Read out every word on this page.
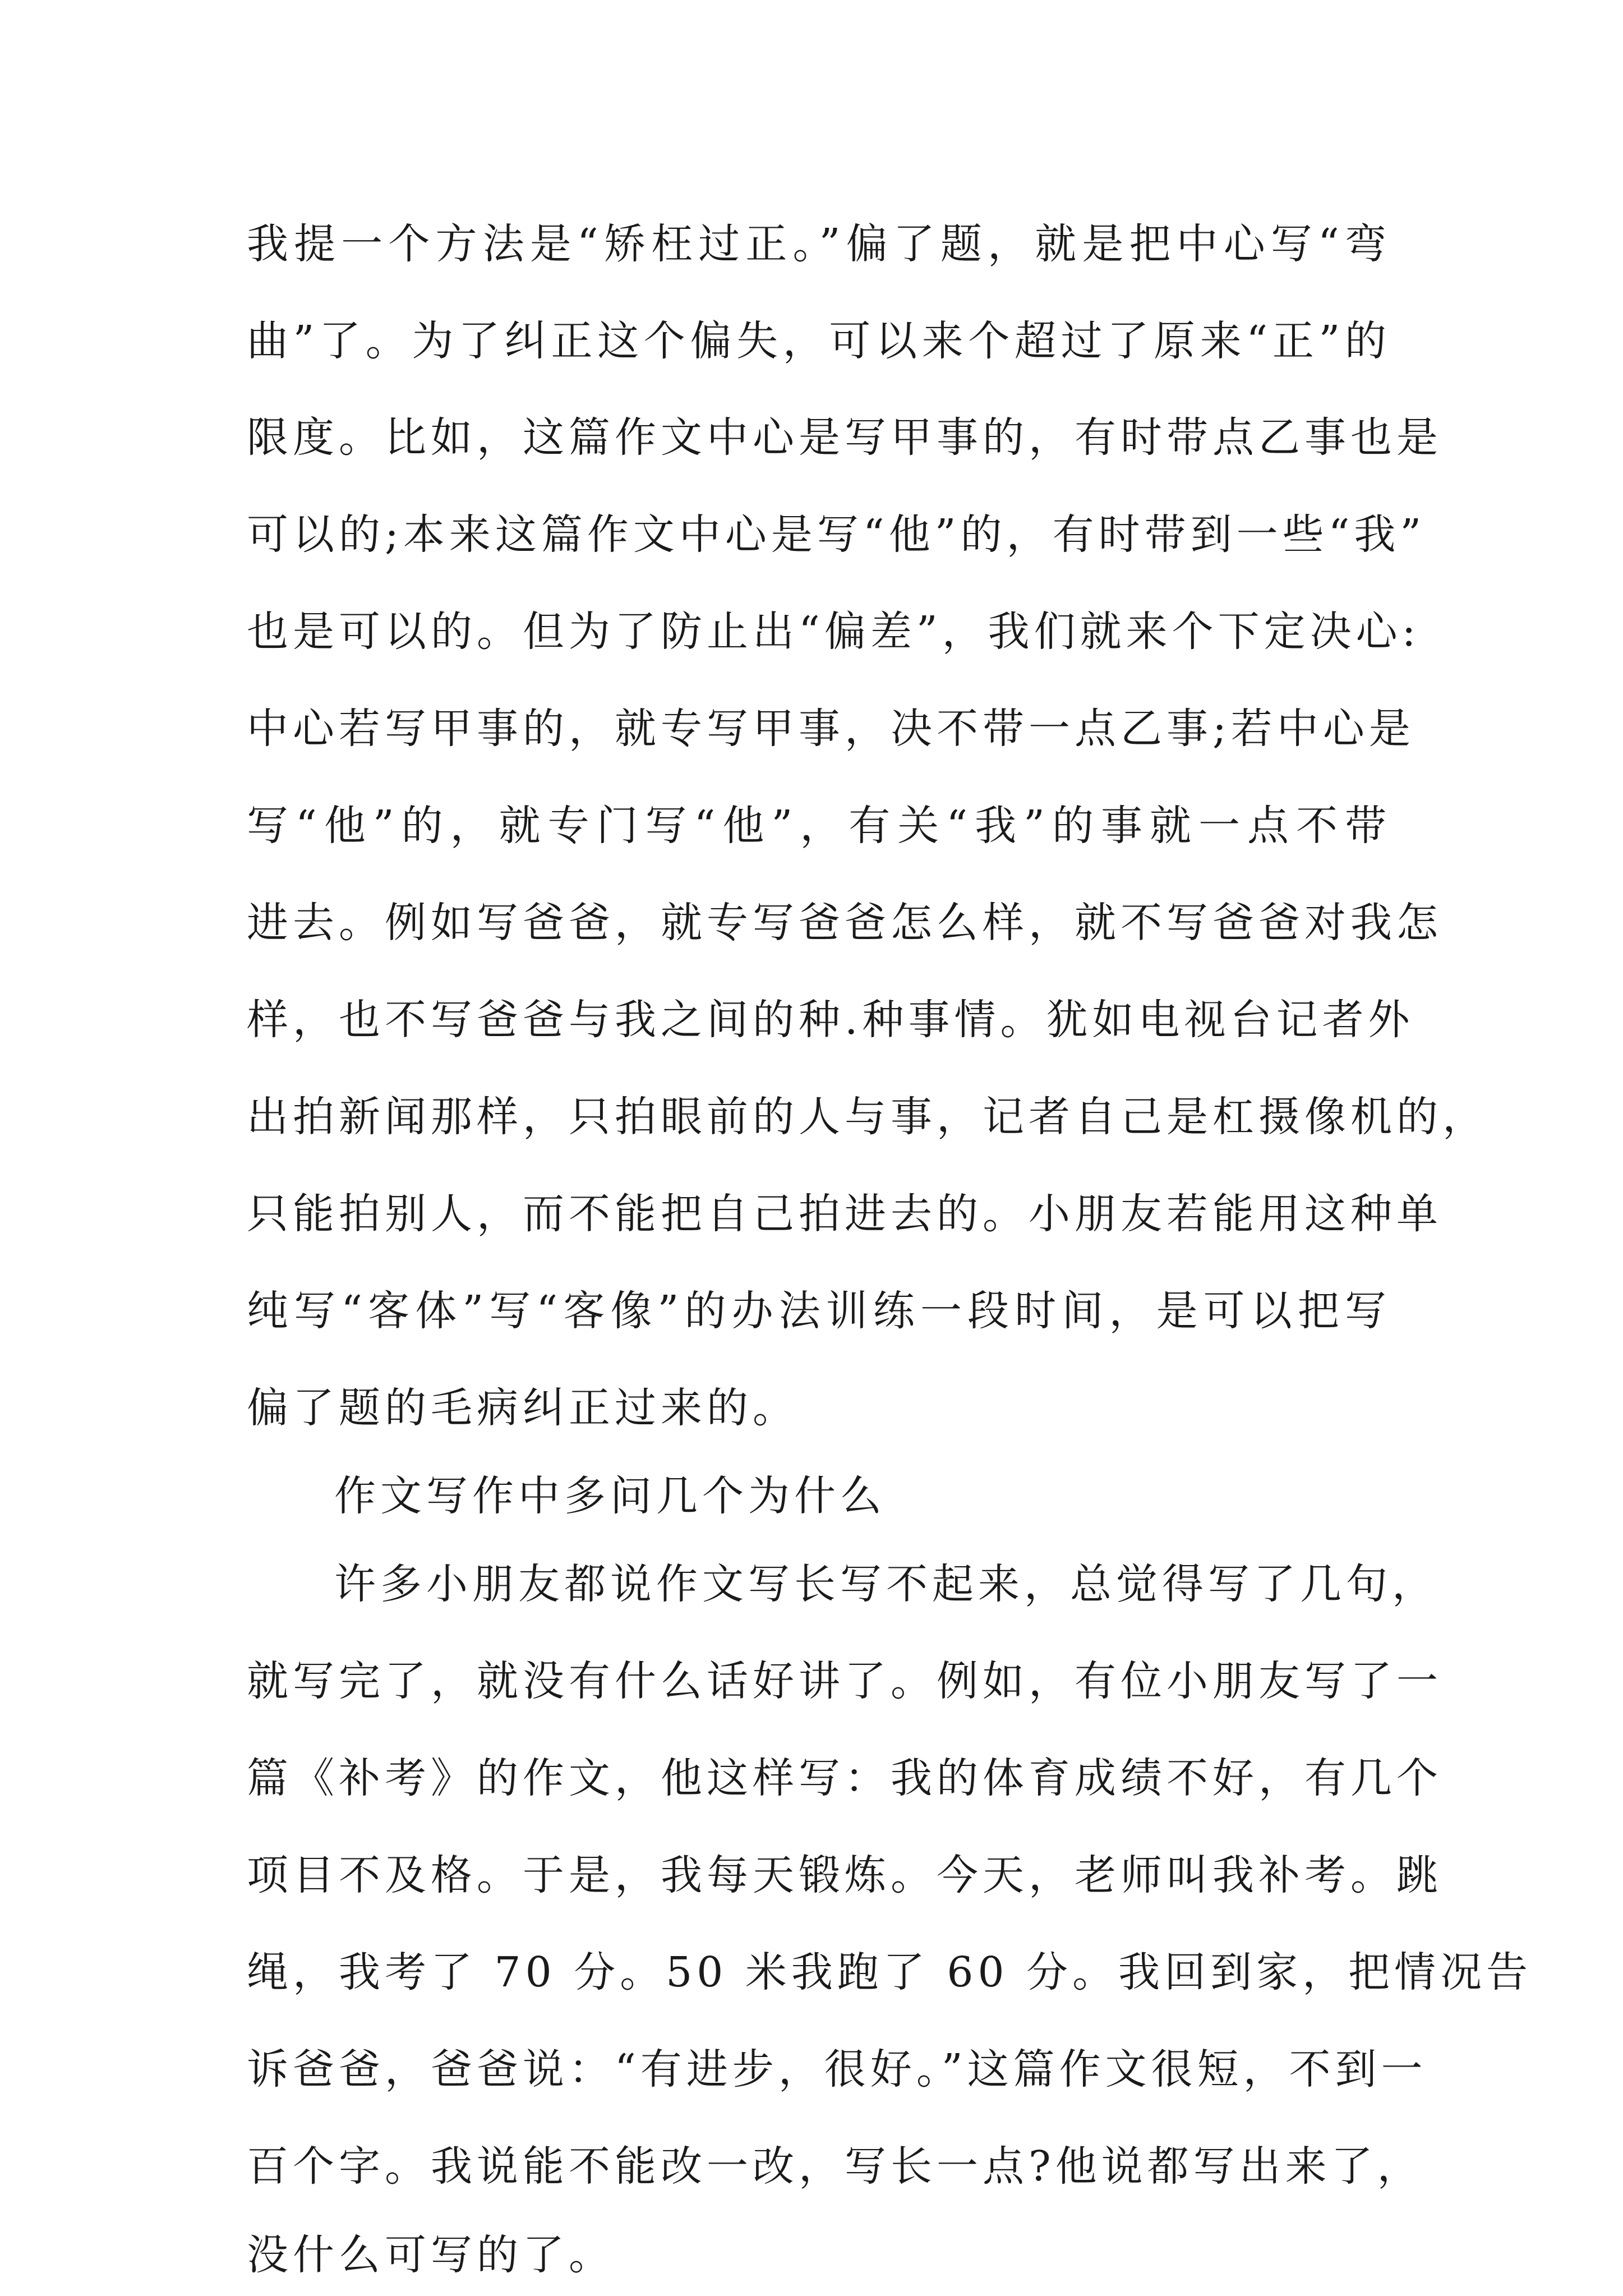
我提一个方法是“矫枉过正。”偏了题，就是把中心写“弯
曲”了。为了纠正这个偏失，可以来个超过了原来“正”的
限度。比如，这篇作文中心是写甲事的，有时带点乙事也是
可以的;本来这篇作文中心是写“他”的，有时带到一些“我”
也是可以的。但为了防止出“偏差”，我们就来个下定决心:
中心若写甲事的，就专写甲事，决不带一点乙事;若中心是
写“他”的，就专门写“他”，有关“我”的事就一点不带
进去。例如写爸爸，就专写爸爸怎么样，就不写爸爸对我怎
样，也不写爸爸与我之间的种.种事情。犹如电视台记者外
出拍新闻那样，只拍眼前的人与事，记者自己是杠摄像机的，
只能拍别人，而不能把自己拍进去的。小朋友若能用这种单
纯写“客体”写“客像”的办法训练一段时间，是可以把写
偏了题的毛病纠正过来的。
作文写作中多问几个为什么
许多小朋友都说作文写长写不起来，总觉得写了几句，
就写完了，就没有什么话好讲了。例如，有位小朋友写了一
篇《补考》的作文，他这样写：我的体育成绩不好，有几个
项目不及格。于是，我每天锻炼。今天，老师叫我补考。跳
绳，我考了 70 分。50 米我跑了 60 分。我回到家，把情况告
诉爸爸，爸爸说：“有进步，很好。”这篇作文很短，不到一
百个字。我说能不能改一改，写长一点?他说都写出来了，
没什么可写的了。
